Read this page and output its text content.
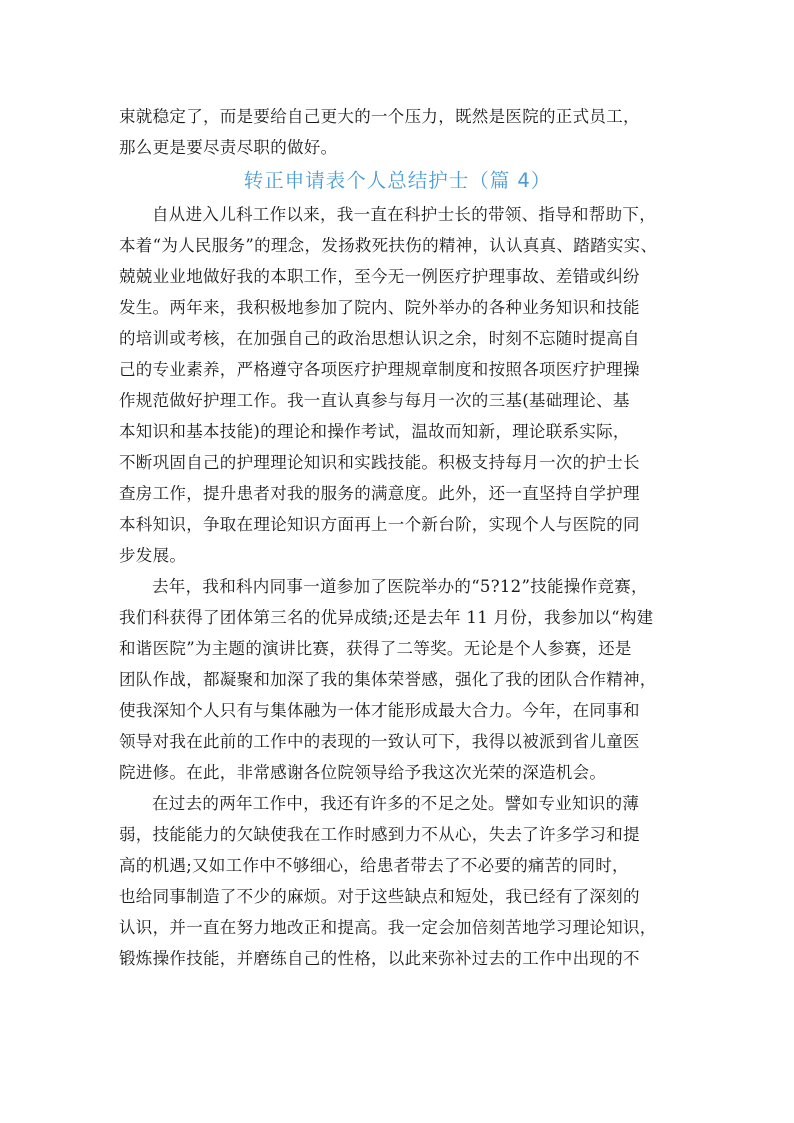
束就稳定了，而是要给自己更大的一个压力，既然是医院的正式员工，
那么更是要尽责尽职的做好。
转正申请表个人总结护士（篇 4）
自从进入儿科工作以来，我一直在科护士长的带领、指导和帮助下，
本着“为人民服务”的理念，发扬救死扶伤的精神，认认真真、踏踏实实、
兢兢业业地做好我的本职工作，至今无一例医疗护理事故、差错或纠纷
发生。两年来，我积极地参加了院内、院外举办的各种业务知识和技能
的培训或考核，在加强自己的政治思想认识之余，时刻不忘随时提高自
己的专业素养，严格遵守各项医疗护理规章制度和按照各项医疗护理操
作规范做好护理工作。我一直认真参与每月一次的三基(基础理论、基
本知识和基本技能)的理论和操作考试，温故而知新，理论联系实际，
不断巩固自己的护理理论知识和实践技能。积极支持每月一次的护士长
查房工作，提升患者对我的服务的满意度。此外，还一直坚持自学护理
本科知识，争取在理论知识方面再上一个新台阶，实现个人与医院的同
步发展。
去年，我和科内同事一道参加了医院举办的“5?12”技能操作竞赛，
我们科获得了团体第三名的优异成绩;还是去年 11 月份，我参加以“构建
和谐医院”为主题的演讲比赛，获得了二等奖。无论是个人参赛，还是
团队作战，都凝聚和加深了我的集体荣誉感，强化了我的团队合作精神，
使我深知个人只有与集体融为一体才能形成最大合力。今年，在同事和
领导对我在此前的工作中的表现的一致认可下，我得以被派到省儿童医
院进修。在此，非常感谢各位院领导给予我这次光荣的深造机会。
在过去的两年工作中，我还有许多的不足之处。譬如专业知识的薄
弱，技能能力的欠缺使我在工作时感到力不从心，失去了许多学习和提
高的机遇;又如工作中不够细心，给患者带去了不必要的痛苦的同时，
也给同事制造了不少的麻烦。对于这些缺点和短处，我已经有了深刻的
认识，并一直在努力地改正和提高。我一定会加倍刻苦地学习理论知识，
锻炼操作技能，并磨练自己的性格，以此来弥补过去的工作中出现的不
